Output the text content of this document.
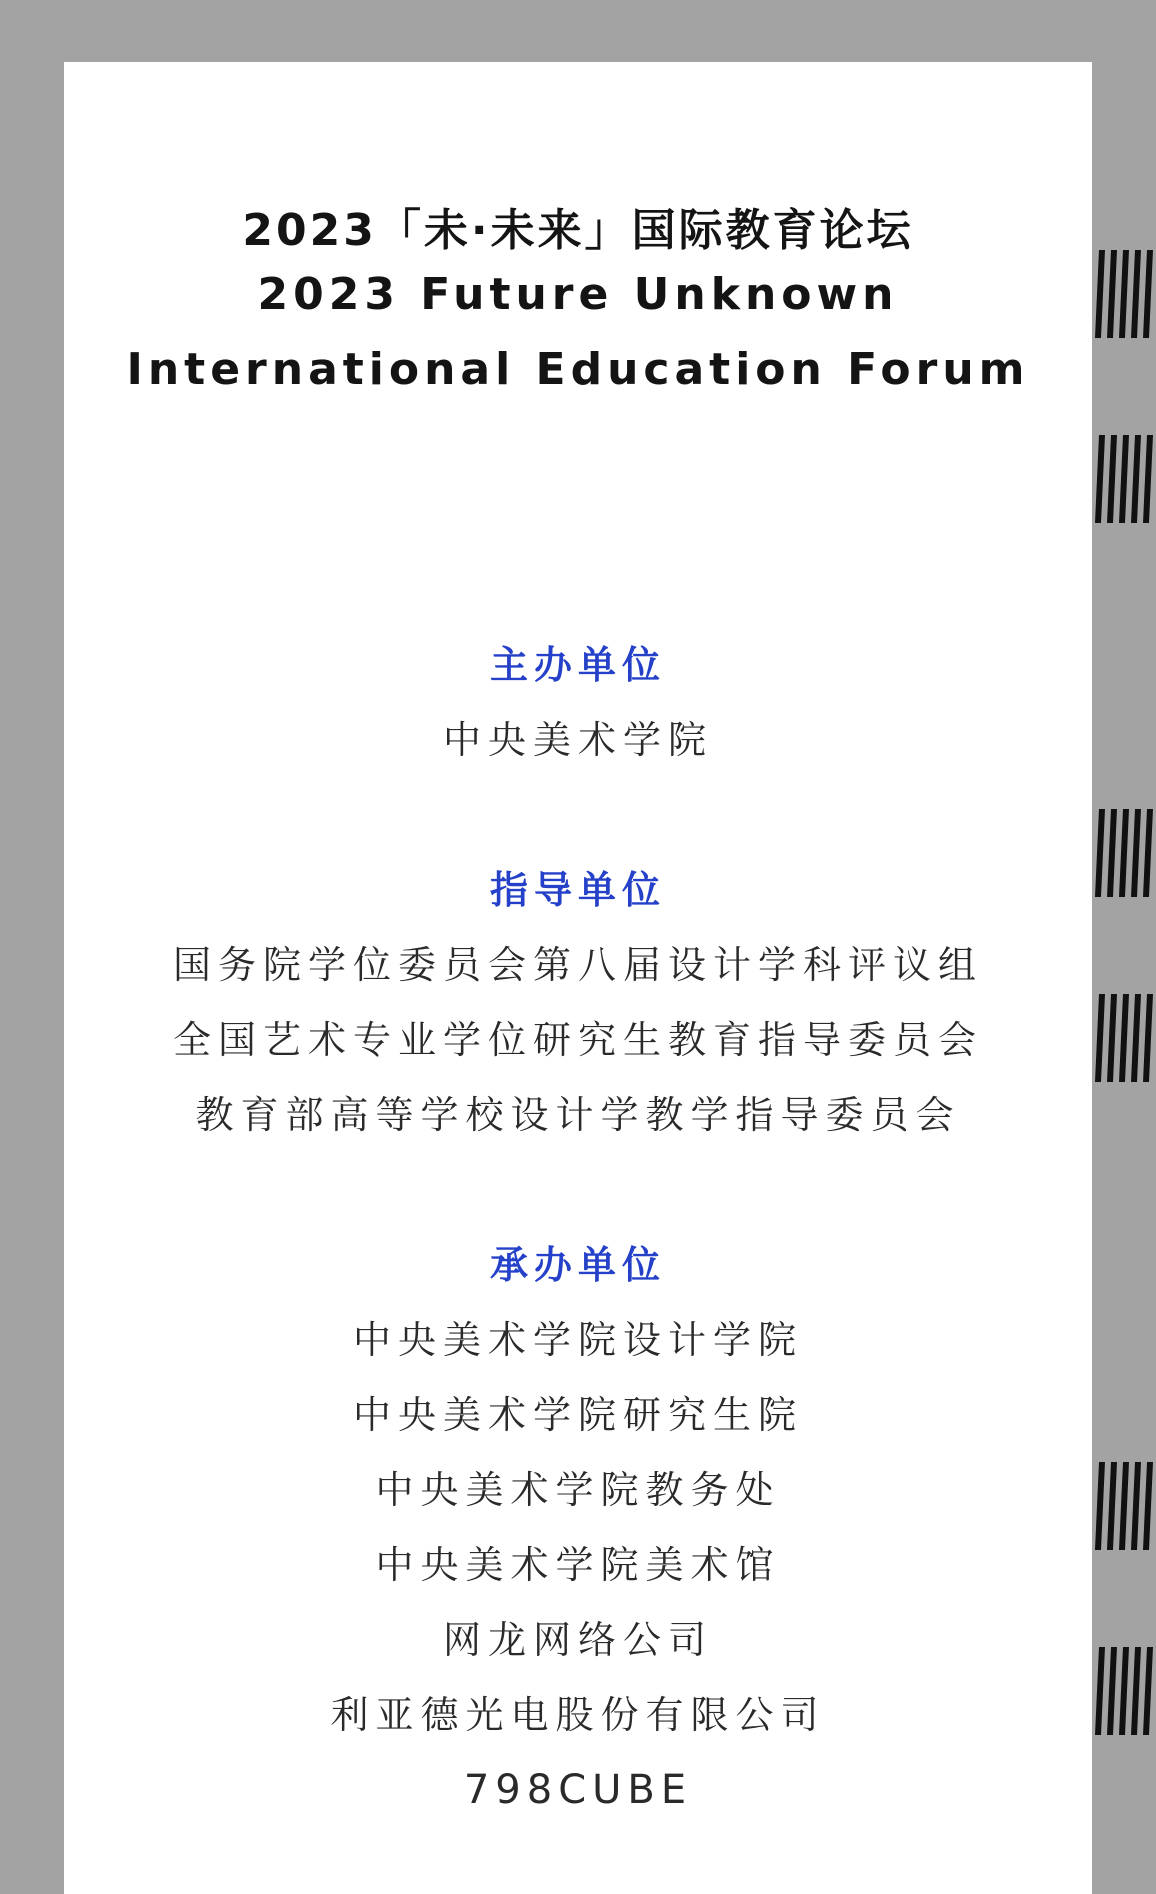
2023「未·未来」国际教育论坛
2023 Future Unknown
International Education Forum
主办单位
中央美术学院
指导单位
国务院学位委员会第八届设计学科评议组
全国艺术专业学位研究生教育指导委员会
教育部高等学校设计学教学指导委员会
承办单位
中央美术学院设计学院
中央美术学院研究生院
中央美术学院教务处
中央美术学院美术馆
网龙网络公司
利亚德光电股份有限公司
798CUBE
